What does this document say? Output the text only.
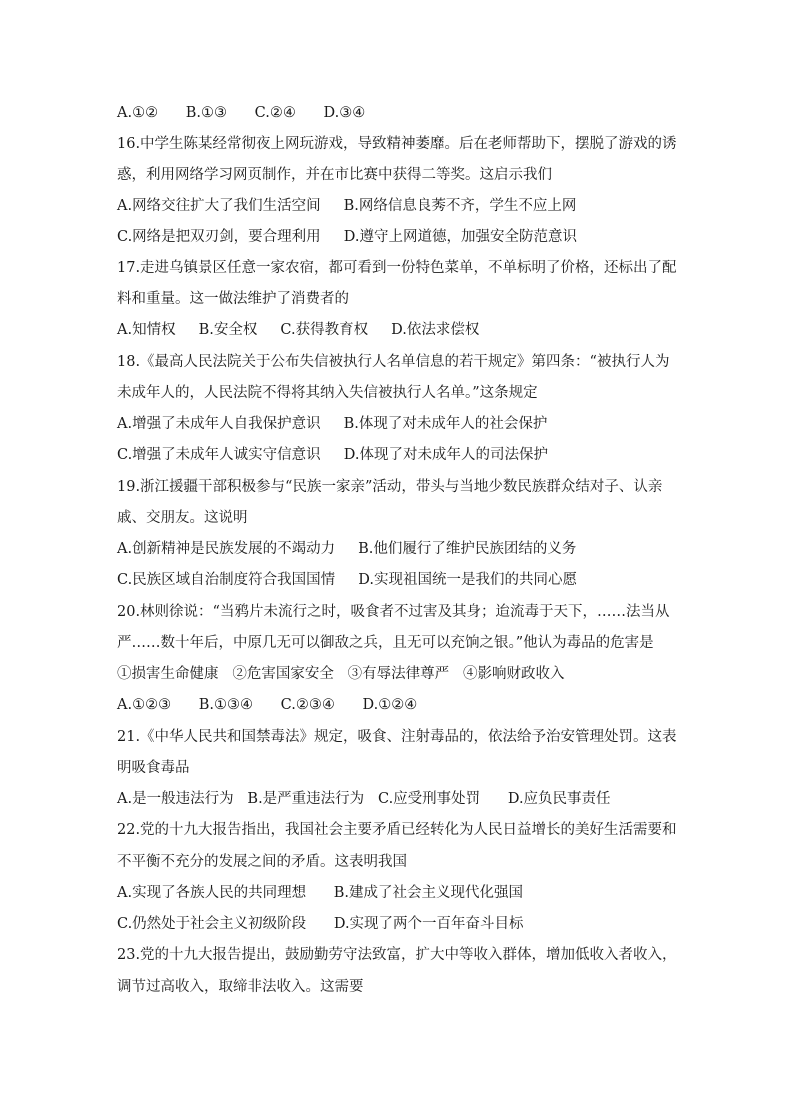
A.①②      B.①③      C.②④      D.③④
16.中学生陈某经常彻夜上网玩游戏，导致精神萎靡。后在老师帮助下，摆脱了游戏的诱
惑，利用网络学习网页制作，并在市比赛中获得二等奖。这启示我们
A.网络交往扩大了我们生活空间     B.网络信息良莠不齐，学生不应上网
C.网络是把双刃剑，要合理利用     D.遵守上网道德，加强安全防范意识
17.走进乌镇景区任意一家农宿，都可看到一份特色菜单，不单标明了价格，还标出了配
料和重量。这一做法维护了消费者的
A.知情权     B.安全权     C.获得教育权     D.依法求偿权
18.《最高人民法院关于公布失信被执行人名单信息的若干规定》第四条：“被执行人为
未成年人的，人民法院不得将其纳入失信被执行人名单。”这条规定
A.增强了未成年人自我保护意识     B.体现了对未成年人的社会保护
C.增强了未成年人诚实守信意识     D.体现了对未成年人的司法保护
19.浙江援疆干部积极参与“民族一家亲”活动，带头与当地少数民族群众结对子、认亲
戚、交朋友。这说明
A.创新精神是民族发展的不竭动力     B.他们履行了维护民族团结的义务
C.民族区域自治制度符合我国国情     D.实现祖国统一是我们的共同心愿
20.林则徐说：“当鸦片未流行之时，吸食者不过害及其身；迨流毒于天下，……法当从
严……数十年后，中原几无可以御敌之兵，且无可以充饷之银。”他认为毒品的危害是
①损害生命健康   ②危害国家安全   ③有辱法律尊严   ④影响财政收入
A.①②③      B.①③④      C.②③④      D.①②④
21.《中华人民共和国禁毒法》规定，吸食、注射毒品的，依法给予治安管理处罚。这表
明吸食毒品
A.是一般违法行为   B.是严重违法行为   C.应受刑事处罚      D.应负民事责任
22.党的十九大报告指出，我国社会主要矛盾已经转化为人民日益增长的美好生活需要和
不平衡不充分的发展之间的矛盾。这表明我国
A.实现了各族人民的共同理想      B.建成了社会主义现代化强国
C.仍然处于社会主义初级阶段      D.实现了两个一百年奋斗目标
23.党的十九大报告提出，鼓励勤劳守法致富，扩大中等收入群体，增加低收入者收入，
调节过高收入，取缔非法收入。这需要
